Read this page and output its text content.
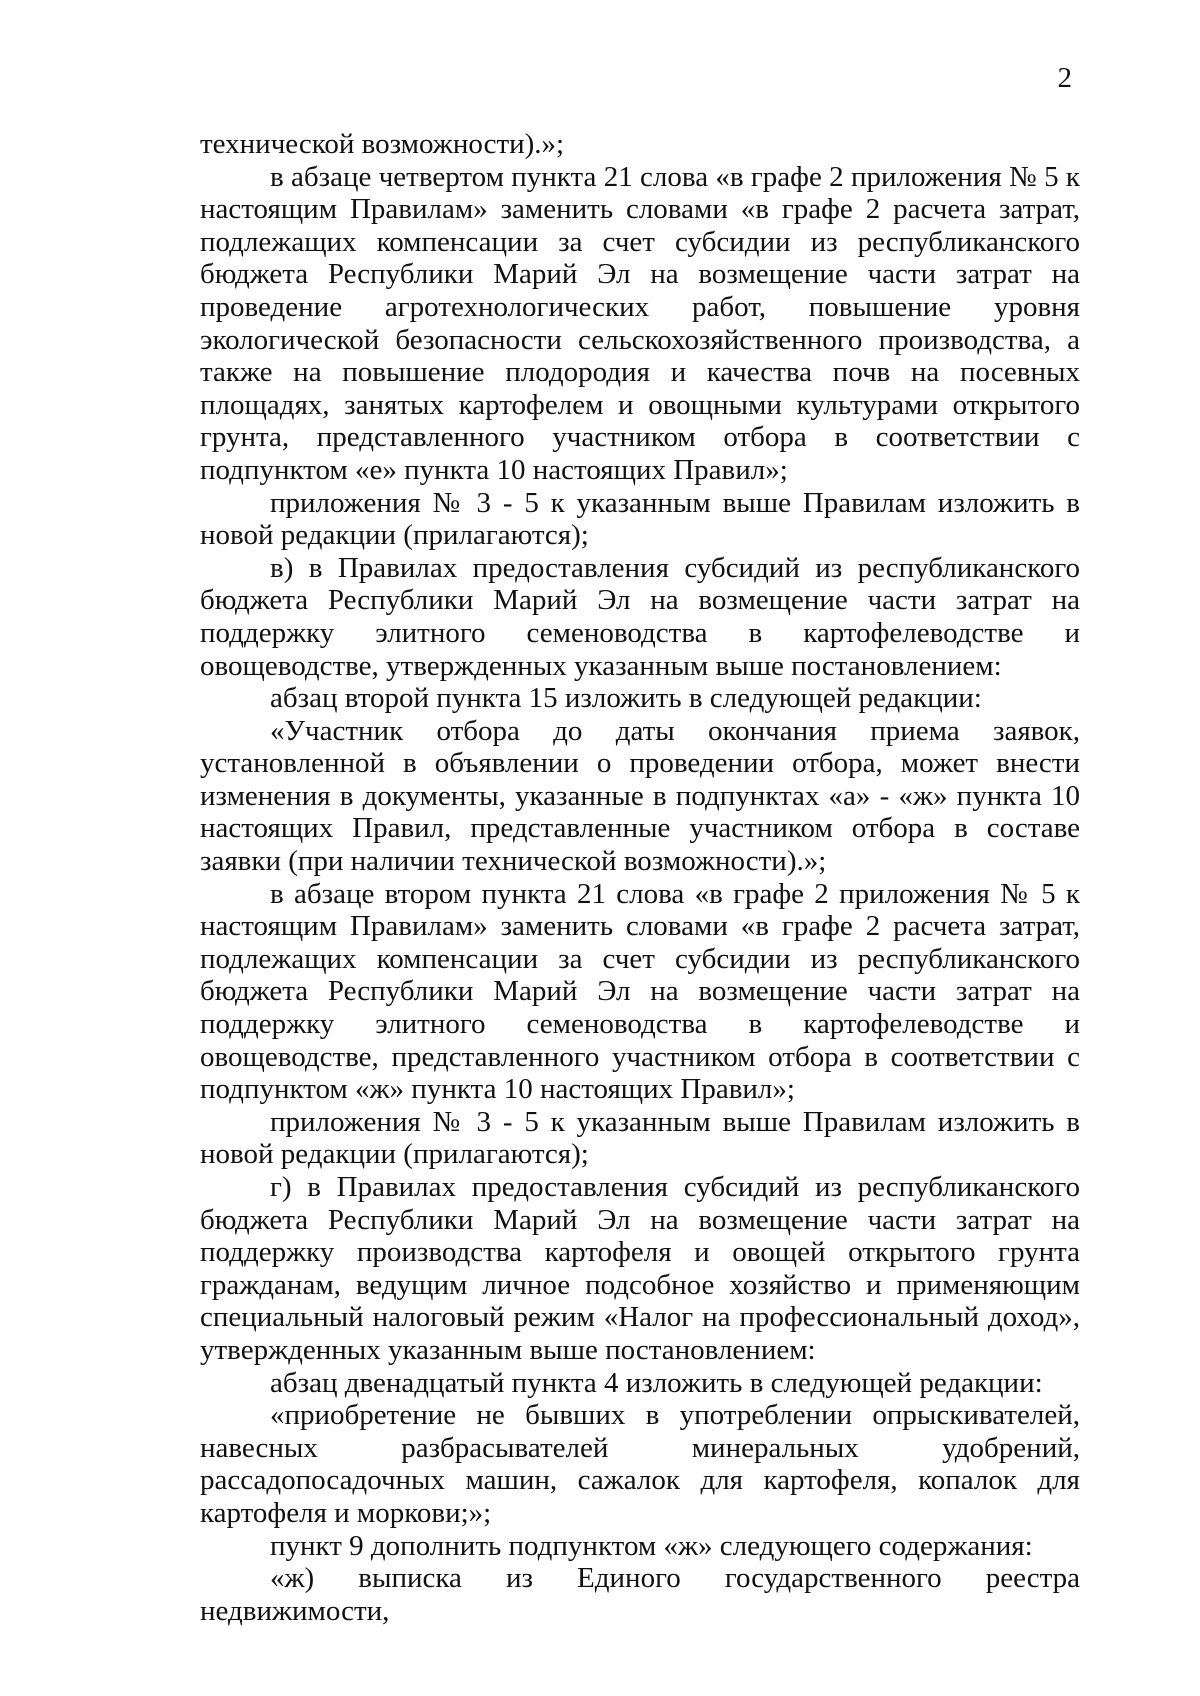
2

технической возможности).»;

в абзаце четвертом пункта 21 слова «в графе 2 приложения № 5 к настоящим Правилам» заменить словами «в графе 2 расчета затрат, подлежащих компенсации за счет субсидии из республиканского бюджета Республики Марий Эл на возмещение части затрат на проведение агротехнологических работ, повышение уровня экологической безопасности сельскохозяйственного производства, а также на повышение плодородия и качества почв на посевных площадях, занятых картофелем и овощными культурами открытого грунта, представленного участником отбора в соответствии с подпунктом «е» пункта 10 настоящих Правил»;

приложения № 3 - 5 к указанным выше Правилам изложить в новой редакции (прилагаются);

в) в Правилах предоставления субсидий из республиканского бюджета Республики Марий Эл на возмещение части затрат на поддержку элитного семеноводства в картофелеводстве и овощеводстве, утвержденных указанным выше постановлением:

абзац второй пункта 15 изложить в следующей редакции:

«Участник отбора до даты окончания приема заявок, установленной в объявлении о проведении отбора, может внести изменения в документы, указанные в подпунктах «а» - «ж» пункта 10 настоящих Правил, представленные участником отбора в составе заявки (при наличии технической возможности).»;

в абзаце втором пункта 21 слова «в графе 2 приложения № 5 к настоящим Правилам» заменить словами «в графе 2 расчета затрат, подлежащих компенсации за счет субсидии из республиканского бюджета Республики Марий Эл на возмещение части затрат на поддержку элитного семеноводства в картофелеводстве и овощеводстве, представленного участником отбора в соответствии с подпунктом «ж» пункта 10 настоящих Правил»;

приложения № 3 - 5 к указанным выше Правилам изложить в новой редакции (прилагаются);

г) в Правилах предоставления субсидий из республиканского бюджета Республики Марий Эл на возмещение части затрат на поддержку производства картофеля и овощей открытого грунта гражданам, ведущим личное подсобное хозяйство и применяющим специальный налоговый режим «Налог на профессиональный доход», утвержденных указанным выше постановлением:

абзац двенадцатый пункта 4 изложить в следующей редакции:

«приобретение не бывших в употреблении опрыскивателей, навесных разбрасывателей минеральных удобрений, рассадопосадочных машин, сажалок для картофеля, копалок для картофеля и моркови;»;

пункт 9 дополнить подпунктом «ж» следующего содержания:

«ж) выписка из Единого государственного реестра недвижимости,
